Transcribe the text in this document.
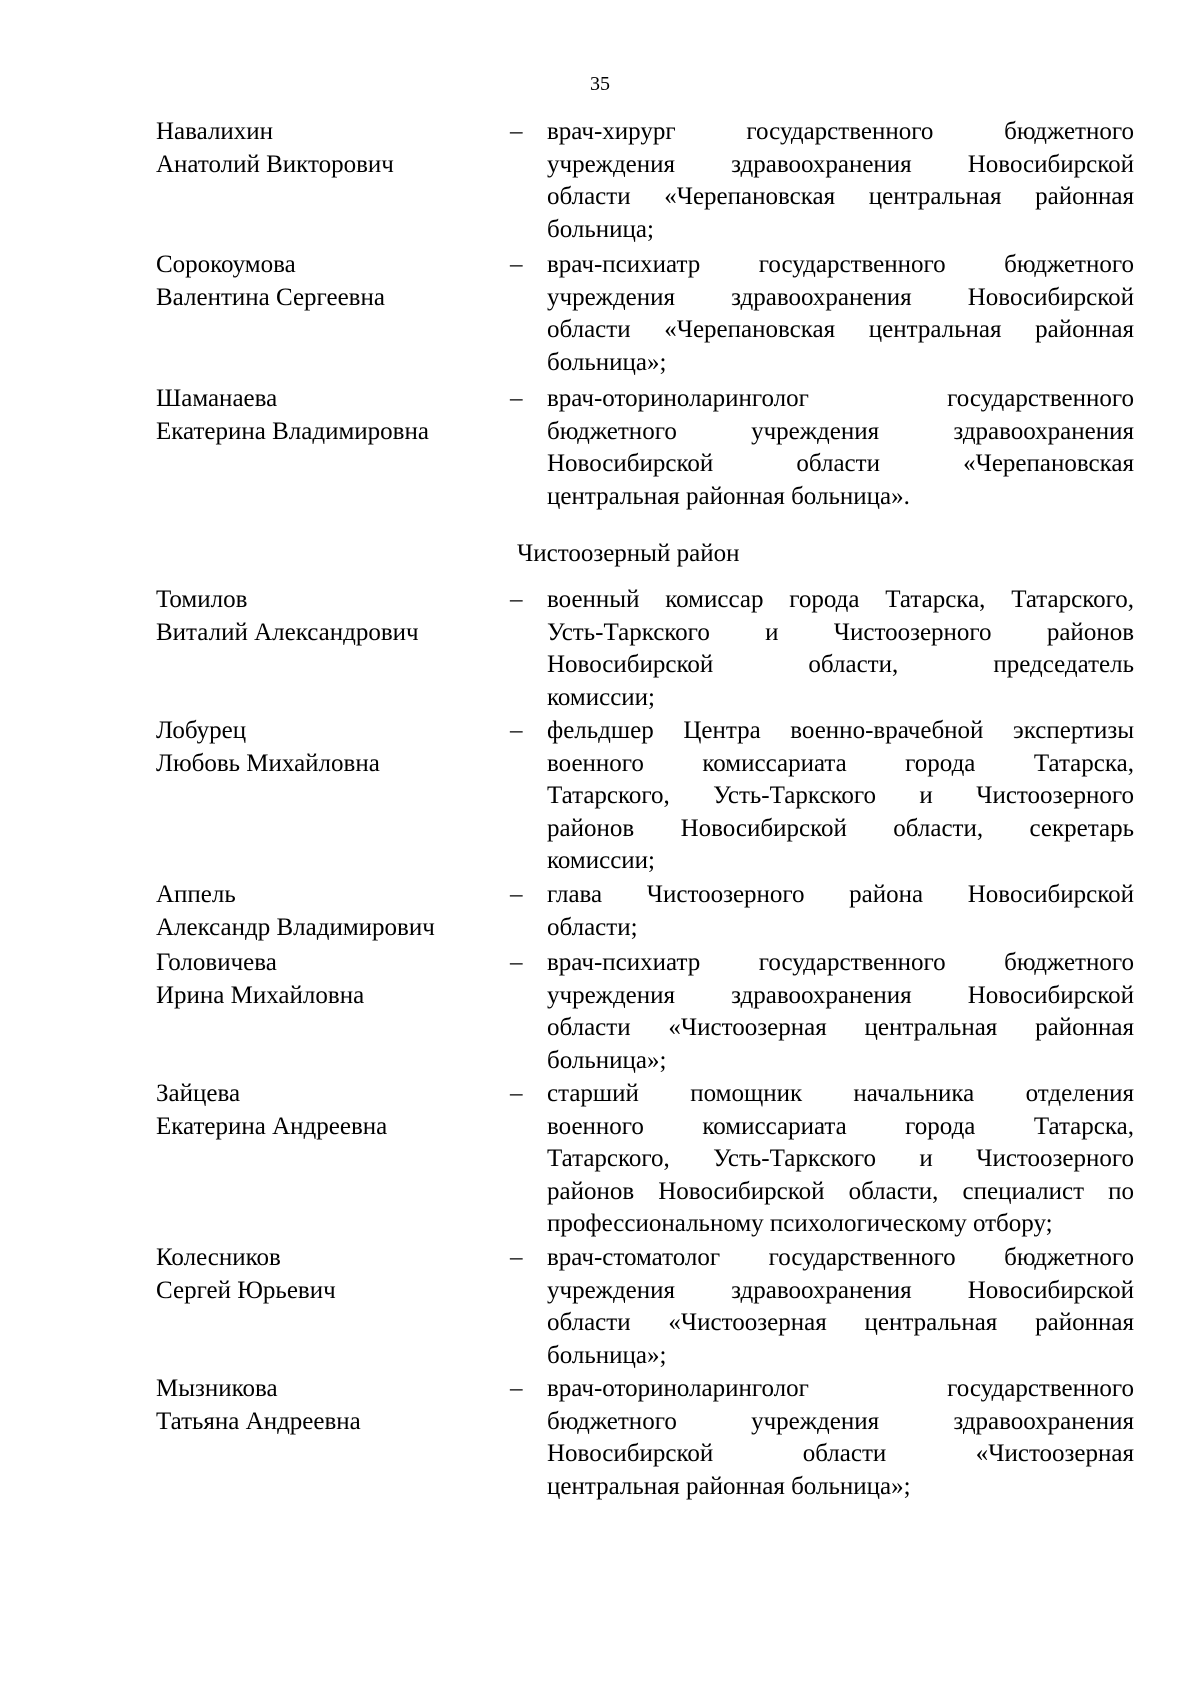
35
Навалихин
Анатолий Викторович
– врач-хирург государственного бюджетного
учреждения здравоохранения Новосибирской
области «Черепановская центральная районная
больница;
Сорокоумова
Валентина Сергеевна
– врач-психиатр государственного бюджетного
учреждения здравоохранения Новосибирской
области «Черепановская центральная районная
больница»;
Шаманаева
Екатерина Владимировна
– врач-оториноларинголог государственного
бюджетного учреждения здравоохранения
Новосибирской области «Черепановская
центральная районная больница».
Чистоозерный район
Томилов
Виталий Александрович
– военный комиссар города Татарска, Татарского,
Усть-Таркского и Чистоозерного районов
Новосибирской области, председатель
комиссии;
Лобурец
Любовь Михайловна
– фельдшер Центра военно-врачебной экспертизы
военного комиссариата города Татарска,
Татарского, Усть-Таркского и Чистоозерного
районов Новосибирской области, секретарь
комиссии;
Аппель
Александр Владимирович
– глава Чистоозерного района Новосибирской
области;
Головичева
Ирина Михайловна
– врач-психиатр государственного бюджетного
учреждения здравоохранения Новосибирской
области «Чистоозерная центральная районная
больница»;
Зайцева
Екатерина Андреевна
– старший помощник начальника отделения
военного комиссариата города Татарска,
Татарского, Усть-Таркского и Чистоозерного
районов Новосибирской области, специалист по
профессиональному психологическому отбору;
Колесников
Сергей Юрьевич
– врач-стоматолог государственного бюджетного
учреждения здравоохранения Новосибирской
области «Чистоозерная центральная районная
больница»;
Мызникова
Татьяна Андреевна
– врач-оториноларинголог государственного
бюджетного учреждения здравоохранения
Новосибирской области «Чистоозерная
центральная районная больница»;
